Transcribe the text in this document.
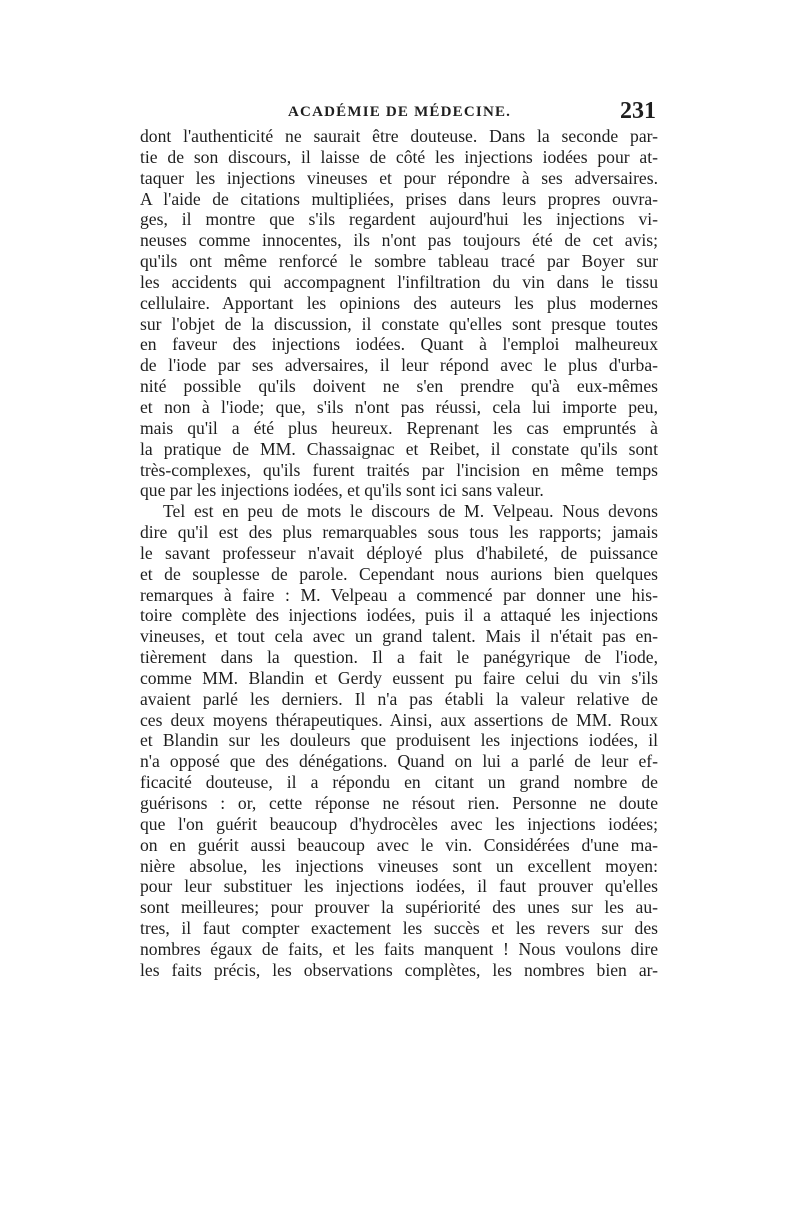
ACADÉMIE DE MÉDECINE.	231
dont l'authenticité ne saurait être douteuse. Dans la seconde par-
tie de son discours, il laisse de côté les injections iodées pour at-
taquer les injections vineuses et pour répondre à ses adversaires.
A l'aide de citations multipliées, prises dans leurs propres ouvra-
ges, il montre que s'ils regardent aujourd'hui les injections vi-
neuses comme innocentes, ils n'ont pas toujours été de cet avis;
qu'ils ont même renforcé le sombre tableau tracé par Boyer sur
les accidents qui accompagnent l'infiltration du vin dans le tissu
cellulaire. Apportant les opinions des auteurs les plus modernes
sur l'objet de la discussion, il constate qu'elles sont presque toutes
en faveur des injections iodées. Quant à l'emploi malheureux
de l'iode par ses adversaires, il leur répond avec le plus d'urba-
nité possible qu'ils doivent ne s'en prendre qu'à eux-mêmes
et non à l'iode; que, s'ils n'ont pas réussi, cela lui importe peu,
mais qu'il a été plus heureux. Reprenant les cas empruntés à
la pratique de MM. Chassaignac et Reibet, il constate qu'ils sont
très-complexes, qu'ils furent traités par l'incision en même temps
que par les injections iodées, et qu'ils sont ici sans valeur.
Tel est en peu de mots le discours de M. Velpeau. Nous devons
dire qu'il est des plus remarquables sous tous les rapports; jamais
le savant professeur n'avait déployé plus d'habileté, de puissance
et de souplesse de parole. Cependant nous aurions bien quelques
remarques à faire : M. Velpeau a commencé par donner une his-
toire complète des injections iodées, puis il a attaqué les injections
vineuses, et tout cela avec un grand talent. Mais il n'était pas en-
tièrement dans la question. Il a fait le panégyrique de l'iode,
comme MM. Blandin et Gerdy eussent pu faire celui du vin s'ils
avaient parlé les derniers. Il n'a pas établi la valeur relative de
ces deux moyens thérapeutiques. Ainsi, aux assertions de MM. Roux
et Blandin sur les douleurs que produisent les injections iodées, il
n'a opposé que des dénégations. Quand on lui a parlé de leur ef-
ficacité douteuse, il a répondu en citant un grand nombre de
guérisons : or, cette réponse ne résout rien. Personne ne doute
que l'on guérit beaucoup d'hydrocèles avec les injections iodées;
on en guérit aussi beaucoup avec le vin. Considérées d'une ma-
nière absolue, les injections vineuses sont un excellent moyen:
pour leur substituer les injections iodées, il faut prouver qu'elles
sont meilleures; pour prouver la supériorité des unes sur les au-
tres, il faut compter exactement les succès et les revers sur des
nombres égaux de faits, et les faits manquent ! Nous voulons dire
les faits précis, les observations complètes, les nombres bien ar-
